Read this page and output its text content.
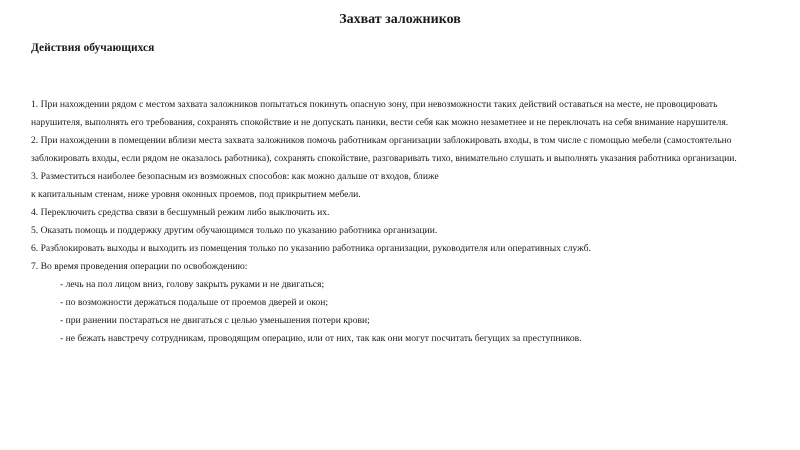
Захват заложников
Действия обучающихся
1. При нахождении рядом с местом захвата заложников попытаться покинуть опасную зону, при невозможности таких действий оставаться на месте, не провоцировать
нарушителя, выполнять его требования, сохранять спокойствие и не допускать паники, вести себя как можно незаметнее и не переключать на себя внимание нарушителя.
2. При нахождении в помещении вблизи места захвата заложников помочь работникам организации заблокировать входы, в том числе с помощью мебели (самостоятельно
заблокировать входы, если рядом не оказалось работника), сохранять спокойствие, разговаривать тихо, внимательно слушать и выполнять указания работника организации.
3. Разместиться наиболее безопасным из возможных способов: как можно дальше от входов, ближе
к капитальным стенам, ниже уровня оконных проемов, под прикрытием мебели.
4. Переключить средства связи в бесшумный режим либо выключить их.
5. Оказать помощь и поддержку другим обучающимся только по указанию работника организации.
6. Разблокировать выходы и выходить из помещения только по указанию работника организации, руководителя или оперативных служб.
7. Во время проведения операции по освобождению:
- лечь на пол лицом вниз, голову закрыть руками и не двигаться;
- по возможности держаться подальше от проемов дверей и окон;
- при ранении постараться не двигаться с целью уменьшения потери крови;
- не бежать навстречу сотрудникам, проводящим операцию, или от них, так как они могут посчитать бегущих за преступников.
